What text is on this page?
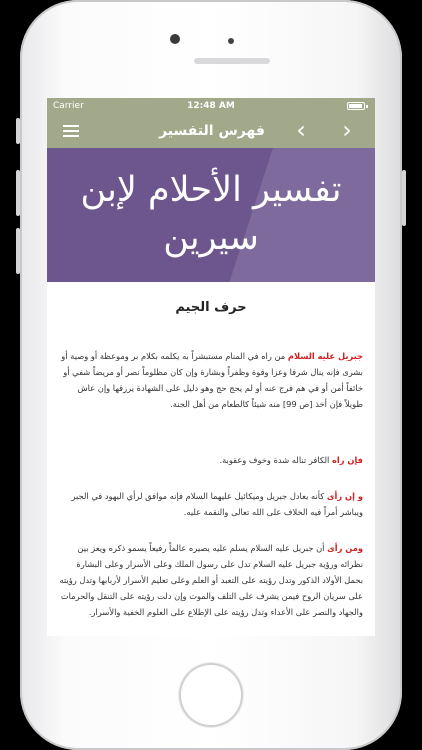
Carrier	12:48 AM
فهرس التفسير	‹ ›
تفسير الأحلام لإبن سيرين
حرف الجيم
جبريل عليه السلام من راه في المنام مستبشراً به يكلمه بكلام بر وموعظة أو وصية أو بشرى فإنه ينال شرفا وعزا وقوة وظفراً وبشارة وإن كان مظلوماً نصر أو مريضاً شفي أو خائفاً أمن أو في هم فرج عنه أو لم يحج حج وهو دليل على الشهادة يرزقها وإن عاش طويلاً فإن أخذ [ص 99] منه شيئاً كالطعام من أهل الجنة.
فإن راه الكافر تناله شدة وخوف وعقوبة.
و إن رأى كأنه يعادل جبريل وميكائيل عليهما السلام فإنه موافق لرأي اليهود في الجبر ويباشر أمراً فيه الخلاف على الله تعالى والنقمة عليه.
ومن رأى أن جبريل عليه السلام يسلم عليه يصيره عالماً رفيعاً يسمو ذكره ويعز بين نظرائه ورؤية جبريل عليه السلام تدل على رسول الملك وعلى الأسرار وعلى البشارة بحمل الأولاد الذكور وتدل رؤيته على التعبد أو العلم وعلى تعليم الأسرار لأربابها وتدل رؤيته على سريان الروح فيمن يشرف على التلف والموت وإن دلت رؤيته على التنقل والحرمات والجهاد والنصر على الأعداء وتدل رؤيته على الإطلاع على العلوم الخفية والأسرار.
